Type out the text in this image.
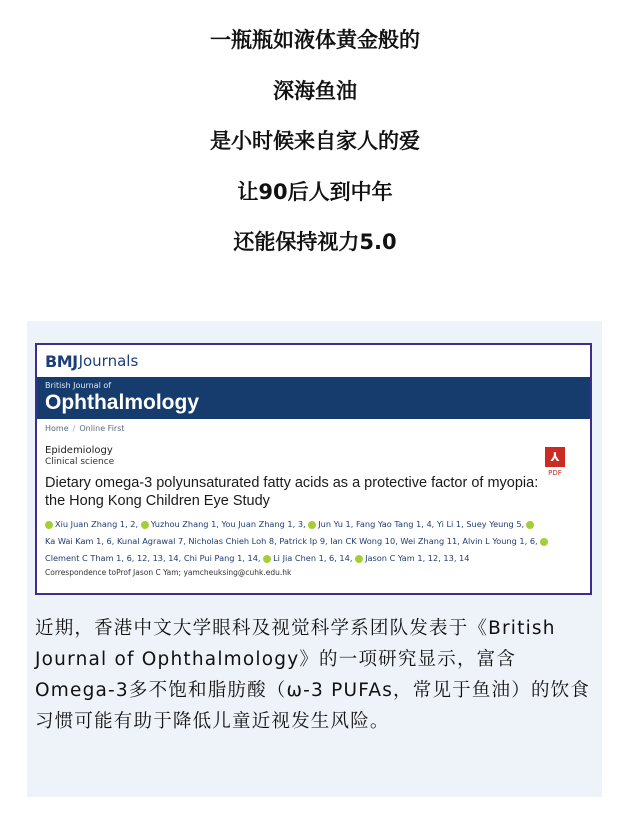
一瓶瓶如液体黄金般的
深海鱼油
是小时候来自家人的爱
让90后人到中年
还能保持视力5.0
BMJ Journals
British Journal of
Ophthalmology
Home / Online First
Epidemiology
Clinical science
Dietary omega-3 polyunsaturated fatty acids as a protective factor of myopia: the Hong Kong Children Eye Study
⅄
PDF
Xiu Juan Zhang 1, 2, Yuzhou Zhang 1, You Juan Zhang 1, 3, Jun Yu 1, Fang Yao Tang 1, 4, Yi Li 1, Suey Yeung 5,
Ka Wai Kam 1, 6, Kunal Agrawal 7, Nicholas Chieh Loh 8, Patrick Ip 9, Ian CK Wong 10, Wei Zhang 11, Alvin L Young 1, 6,
Clement C Tham 1, 6, 12, 13, 14, Chi Pui Pang 1, 14, Li Jia Chen 1, 6, 14, Jason C Yam 1, 12, 13, 14
Correspondence toProf Jason C Yam; yamcheuksing@cuhk.edu.hk
近期，香港中文大学眼科及视觉科学系团队发表于《British Journal of Ophthalmology》的一项研究显示，富含Omega-3多不饱和脂肪酸（ω-3 PUFAs，常见于鱼油）的饮食习惯可能有助于降低儿童近视发生风险。
